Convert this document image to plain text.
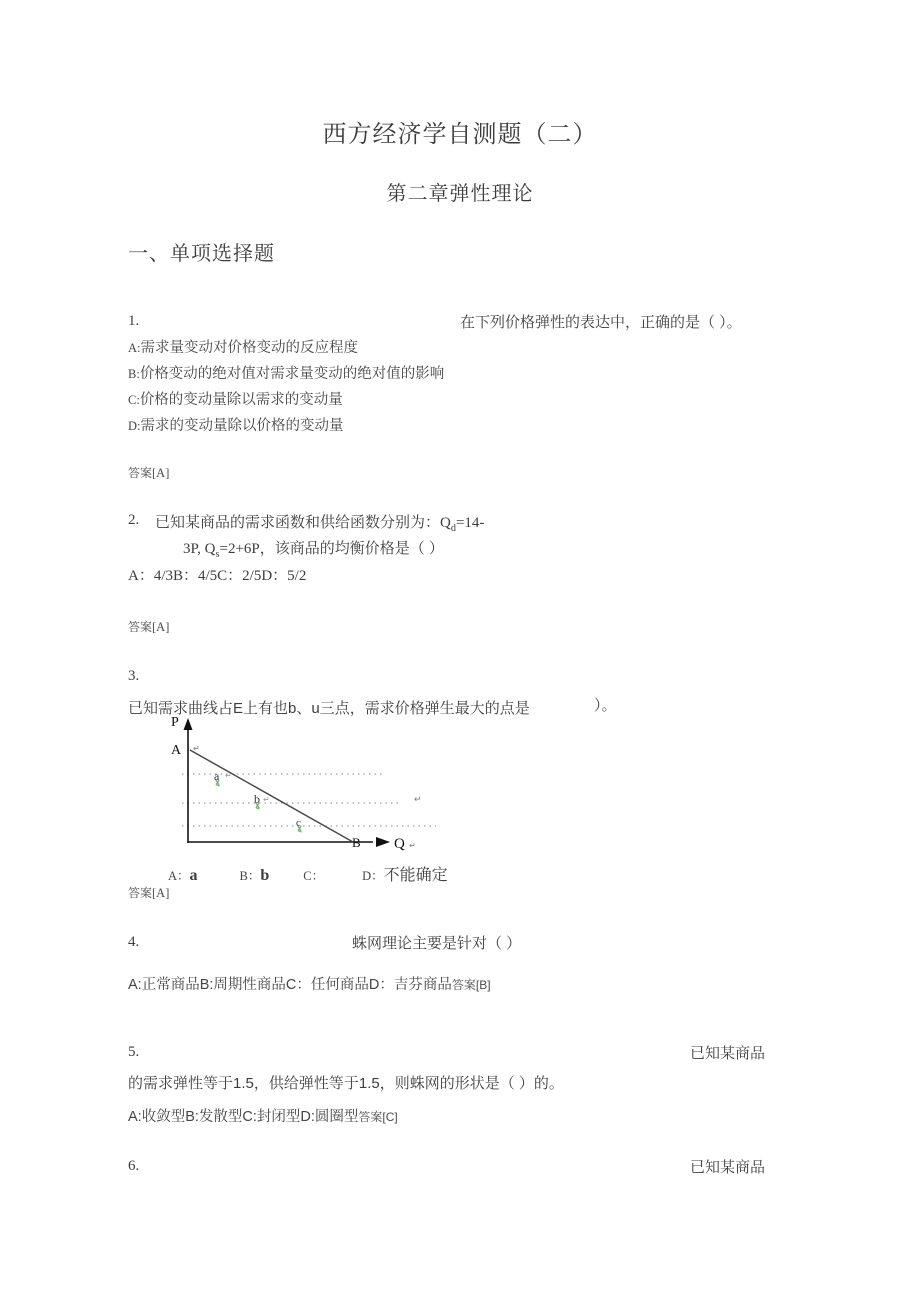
西方经济学自测题（二）
第二章弹性理论
一、单项选择题
1.	在下列价格弹性的表达中，正确的是（ ）。
A:需求量变动对价格变动的反应程度
B:价格变动的绝对值对需求量变动的绝对值的影响
C:价格的变动量除以需求的变动量
D:需求的变动量除以价格的变动量
答案[A]
2. 已知某商品的需求函数和供给函数分别为：$Q_d=14-$
3P, $Q_s=2+6P$，该商品的均衡价格是（ ）
A：4/3B：4/5C：2/5D：5/2
答案[A]
3.
已知需求曲线占E上有也b、u三点，需求价格弹生最大的点是	）。
P
A
B Q
a
b
c
↵
↵
↵	↵
↵
A：a	B：b	C：	D：不能确定
答案[A]
4.	蛛网理论主要是针对（ ）
A:正常商品B:周期性商品C：任何商品D：吉芬商品答案[B]
5.	已知某商品
的需求弹性等于1.5，供给弹性等于1.5，则蛛网的形状是（ ）的。
A:收敛型B:发散型C:封闭型D:圆圈型答案[C]
6.	已知某商品
